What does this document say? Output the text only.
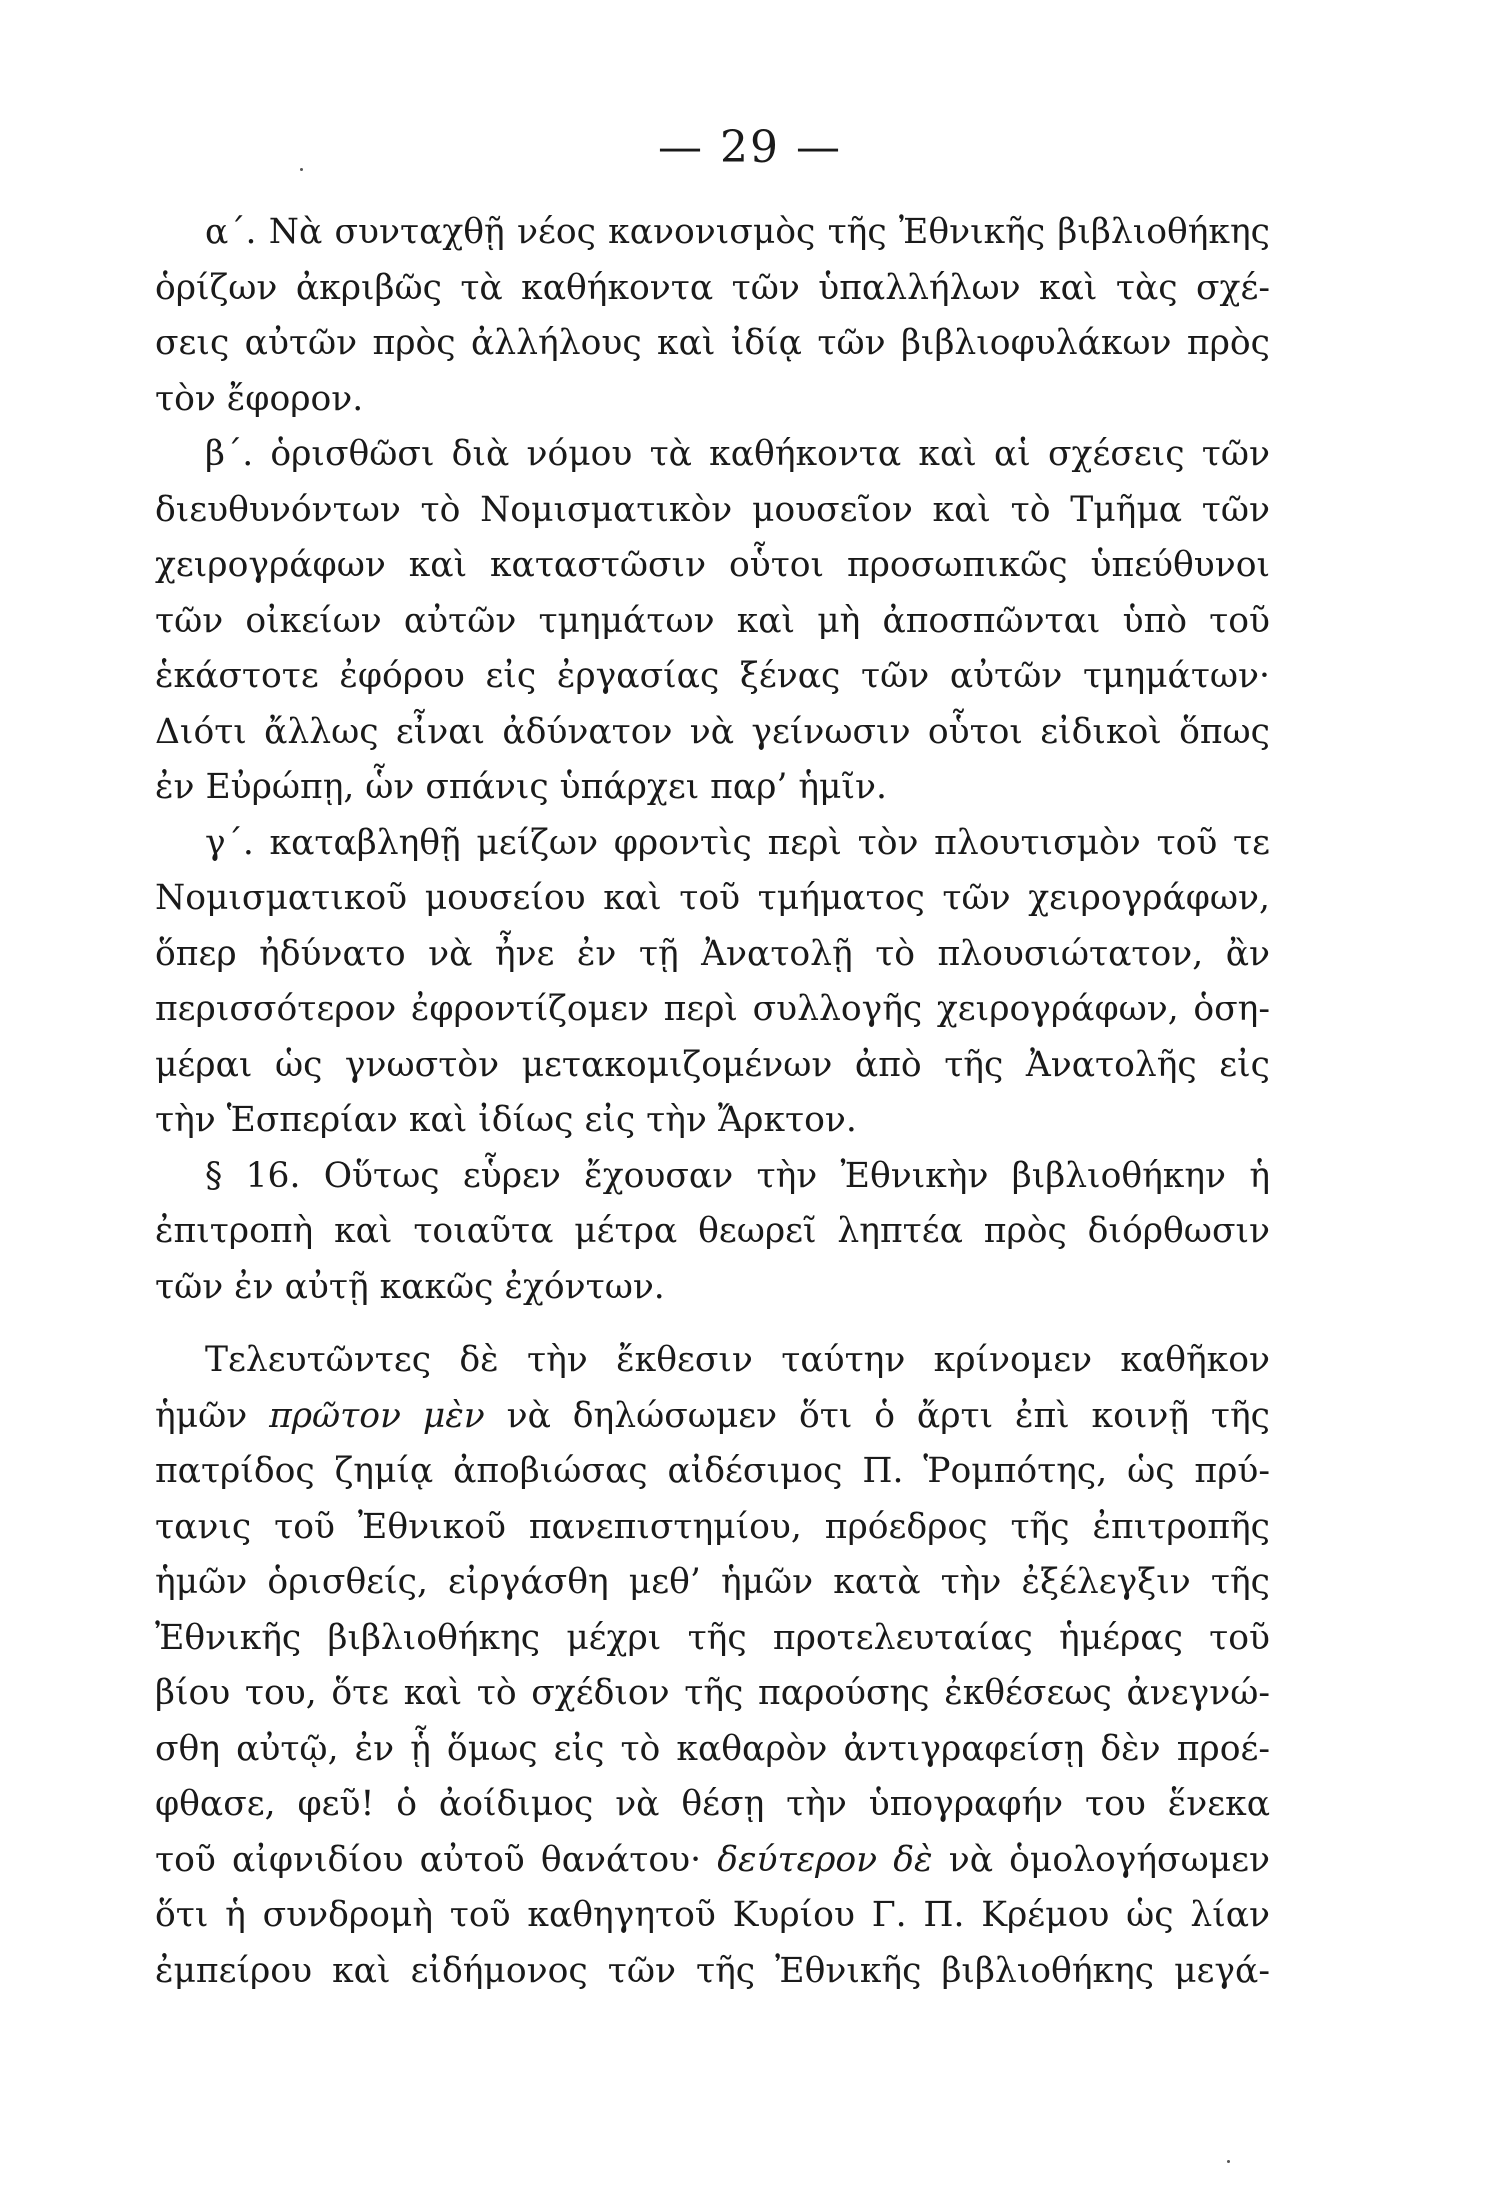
— 29 —
α΄. Νὰ συνταχθῇ νέος κανονισμὸς τῆς Ἐθνικῆς βιβλιοθήκης
ὁρίζων ἀκριβῶς τὰ καθήκοντα τῶν ὑπαλλήλων καὶ τὰς σχέ-
σεις αὐτῶν πρὸς ἀλλήλους καὶ ἰδίᾳ τῶν βιβλιοφυλάκων πρὸς
τὸν ἔφορον.
β΄. ὁρισθῶσι διὰ νόμου τὰ καθήκοντα καὶ αἱ σχέσεις τῶν
διευθυνόντων τὸ Νομισματικὸν μουσεῖον καὶ τὸ Τμῆμα τῶν
χειρογράφων καὶ καταστῶσιν οὗτοι προσωπικῶς ὑπεύθυνοι
τῶν οἰκείων αὐτῶν τμημάτων καὶ μὴ ἀποσπῶνται ὑπὸ τοῦ
ἑκάστοτε ἐφόρου εἰς ἐργασίας ξένας τῶν αὐτῶν τμημάτων·
Διότι ἄλλως εἶναι ἀδύνατον νὰ γείνωσιν οὗτοι εἰδικοὶ ὅπως
ἐν Εὐρώπῃ, ὧν σπάνις ὑπάρχει παρ’ ἡμῖν.
γ΄. καταβληθῇ μείζων φροντὶς περὶ τὸν πλουτισμὸν τοῦ τε
Νομισματικοῦ μουσείου καὶ τοῦ τμήματος τῶν χειρογράφων,
ὅπερ ἠδύνατο νὰ ἦνε ἐν τῇ Ἀνατολῇ τὸ πλουσιώτατον, ἂν
περισσότερον ἐφροντίζομεν περὶ συλλογῆς χειρογράφων, ὁση-
μέραι ὡς γνωστὸν μετακομιζομένων ἀπὸ τῆς Ἀνατολῆς εἰς
τὴν Ἑσπερίαν καὶ ἰδίως εἰς τὴν Ἄρκτον.
§ 16. Οὕτως εὗρεν ἔχουσαν τὴν Ἐθνικὴν βιβλιοθήκην ἡ
ἐπιτροπὴ καὶ τοιαῦτα μέτρα θεωρεῖ ληπτέα πρὸς διόρθωσιν
τῶν ἐν αὐτῇ κακῶς ἐχόντων.
Τελευτῶντες δὲ τὴν ἔκθεσιν ταύτην κρίνομεν καθῆκον
ἡμῶν πρῶτον μὲν νὰ δηλώσωμεν ὅτι ὁ ἄρτι ἐπὶ κοινῇ τῆς
πατρίδος ζημίᾳ ἀποβιώσας αἰδέσιμος Π. Ῥομπότης, ὡς πρύ-
τανις τοῦ Ἐθνικοῦ πανεπιστημίου, πρόεδρος τῆς ἐπιτροπῆς
ἡμῶν ὁρισθείς, εἰργάσθη μεθ’ ἡμῶν κατὰ τὴν ἐξέλεγξιν τῆς
Ἐθνικῆς βιβλιοθήκης μέχρι τῆς προτελευταίας ἡμέρας τοῦ
βίου του, ὅτε καὶ τὸ σχέδιον τῆς παρούσης ἐκθέσεως ἀνεγνώ-
σθη αὐτῷ, ἐν ᾗ ὅμως εἰς τὸ καθαρὸν ἀντιγραφείσῃ δὲν προέ-
φθασε, φεῦ! ὁ ἀοίδιμος νὰ θέσῃ τὴν ὑπογραφήν του ἕνεκα
τοῦ αἰφνιδίου αὐτοῦ θανάτου· δεύτερον δὲ νὰ ὁμολογήσωμεν
ὅτι ἡ συνδρομὴ τοῦ καθηγητοῦ Κυρίου Γ. Π. Κρέμου ὡς λίαν
ἐμπείρου καὶ εἰδήμονος τῶν τῆς Ἐθνικῆς βιβλιοθήκης μεγά-
